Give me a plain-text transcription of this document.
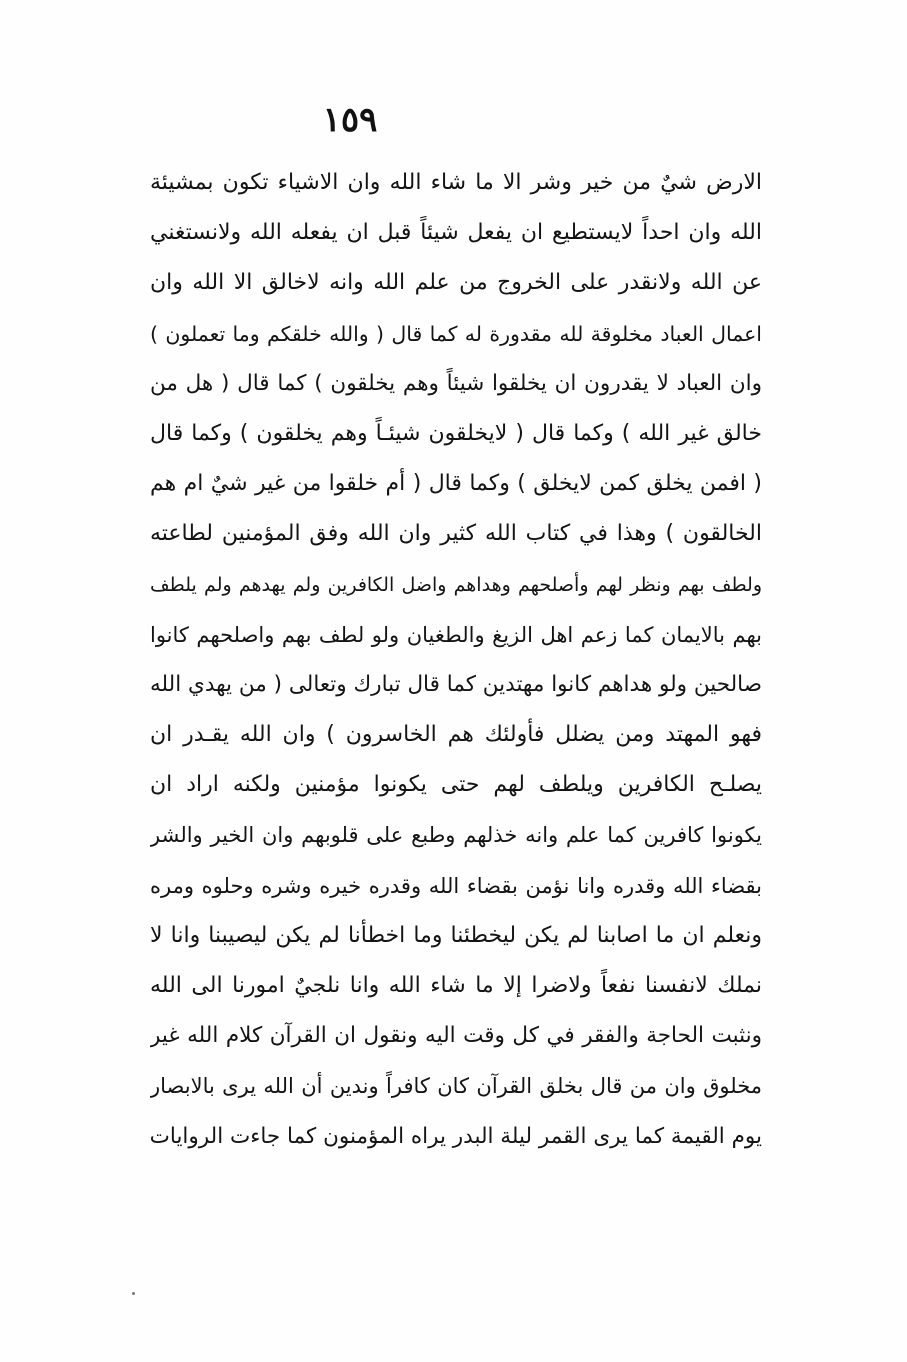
١٥٩
الارض شيٌ من خير وشر الا ما شاء الله وان الاشياء تكون بمشيئة
الله وان احداً لايستطيع ان يفعل شيئاً قبل ان يفعله الله ولانستغني
عن الله ولانقدر على الخروج من علم الله وانه لاخالق الا الله وان
اعمال العباد مخلوقة لله مقدورة له كما قال ( والله خلقكم وما تعملون )
وان العباد لا يقدرون ان يخلقوا شيئاً وهم يخلقون ) كما قال ( هل من
خالق غير الله ) وكما قال ( لايخلقون شيئـاً وهم يخلقون ) وكما قال
( افمن يخلق كمن لايخلق ) وكما قال ( أم خلقوا من غير شيٌ ام هم
الخالقون ) وهذا في كتاب الله كثير وان الله وفق المؤمنين لطاعته
ولطف بهم ونظر لهم وأصلحهم وهداهم واضل الكافرين ولم يهدهم ولم يلطف
بهم بالايمان كما زعم اهل الزيغ والطغيان ولو لطف بهم واصلحهم كانوا
صالحين ولو هداهم كانوا مهتدين كما قال تبارك وتعالى ( من يهدي الله
فهو المهتد ومن يضلل فأولئك هم الخاسرون ) وان الله يقـدر ان
يصلـح الكافرين ويلطف لهم حتى يكونوا مؤمنين ولكنه اراد ان
يكونوا كافرين كما علم وانه خذلهم وطبع على قلوبهم وان الخير والشر
بقضاء الله وقدره وانا نؤمن بقضاء الله وقدره خيره وشره وحلوه ومره
ونعلم ان ما اصابنا لم يكن ليخطئنا وما اخطأنا لم يكن ليصيبنا وانا لا
نملك لانفسنا نفعاً ولاضرا إلا ما شاء الله وانا نلجيٌ امورنا الى الله
ونثبت الحاجة والفقر في كل وقت اليه ونقول ان القرآن كلام الله غير
مخلوق وان من قال بخلق القرآن كان كافراً وندين أن الله يرى بالابصار
يوم القيمة كما يرى القمر ليلة البدر يراه المؤمنون كما جاءت الروايات
